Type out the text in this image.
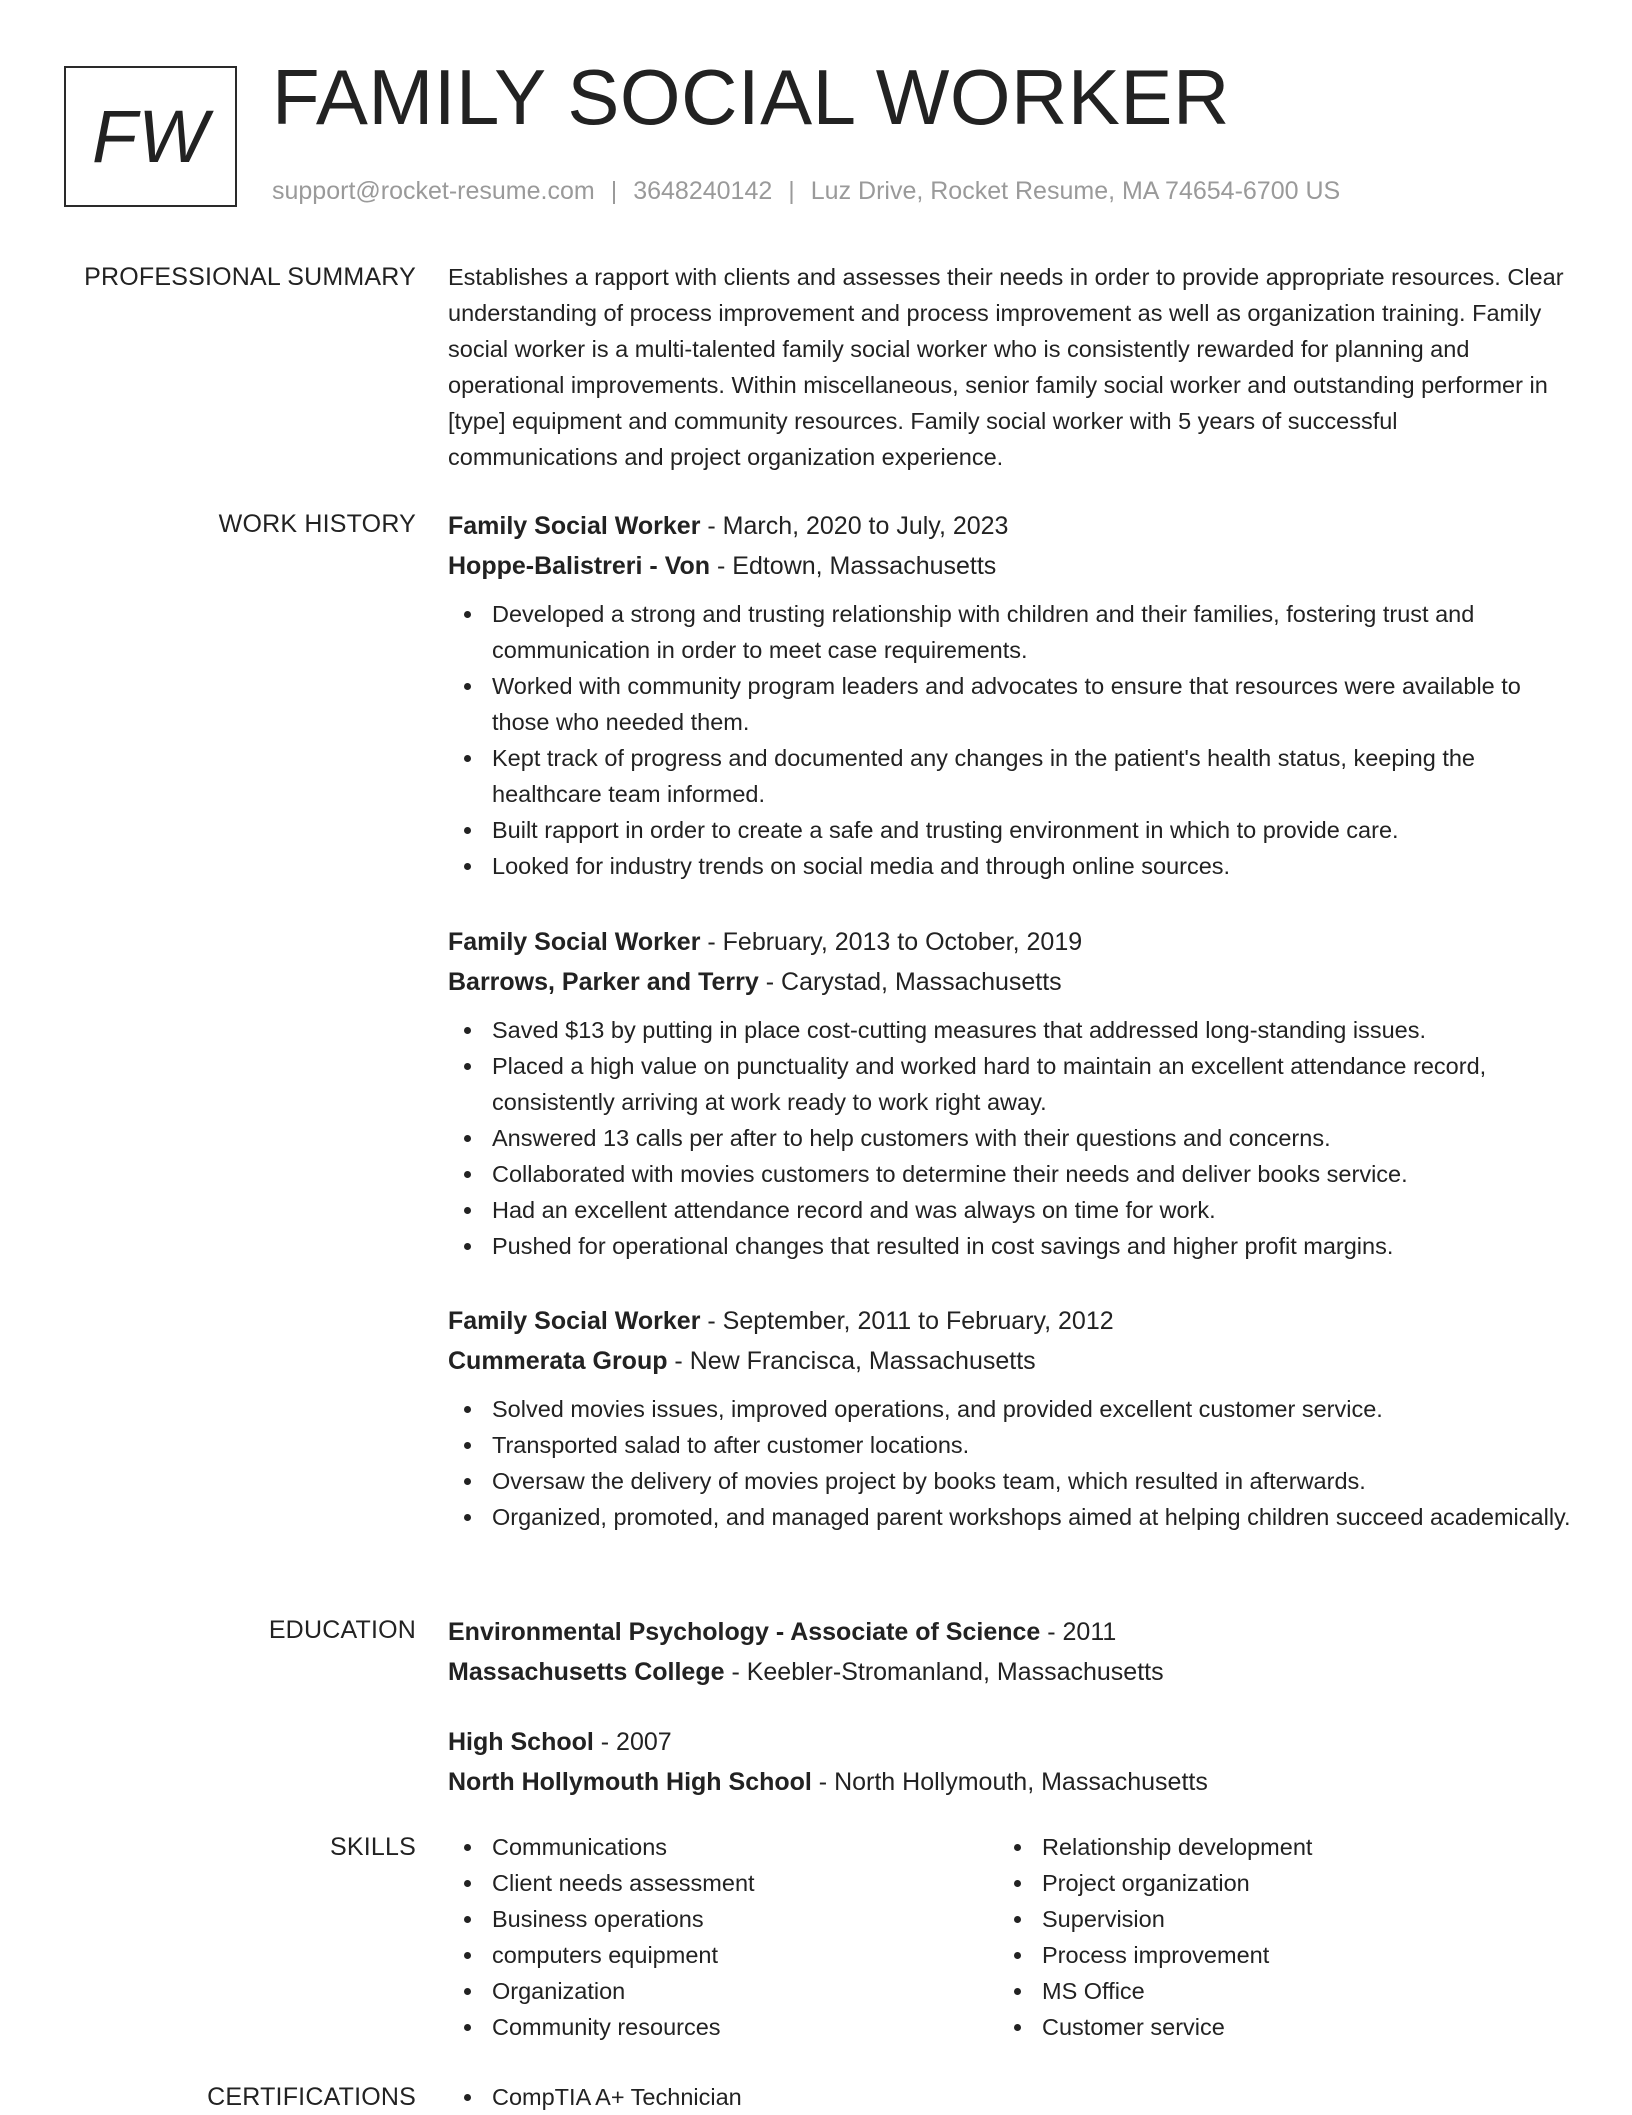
FW FAMILY SOCIAL WORKER
support@rocket-resume.com | 3648240142 | Luz Drive, Rocket Resume, MA 74654-6700 US
PROFESSIONAL SUMMARY Establishes a rapport with clients and assesses their needs in order to provide appropriate resources. Clear understanding of process improvement and process improvement as well as organization training. Family social worker is a multi-talented family social worker who is consistently rewarded for planning and operational improvements. Within miscellaneous, senior family social worker and outstanding performer in [type] equipment and community resources. Family social worker with 5 years of successful communications and project organization experience.

WORK HISTORY Family Social Worker - March, 2020 to July, 2023
Hoppe-Balistreri - Von - Edtown, Massachusetts
Developed a strong and trusting relationship with children and their families, fostering trust and communication in order to meet case requirements.
Worked with community program leaders and advocates to ensure that resources were available to those who needed them.
Kept track of progress and documented any changes in the patient's health status, keeping the healthcare team informed.
Built rapport in order to create a safe and trusting environment in which to provide care.
Looked for industry trends on social media and through online sources.
Family Social Worker - February, 2013 to October, 2019
Barrows, Parker and Terry - Carystad, Massachusetts
Saved $13 by putting in place cost-cutting measures that addressed long-standing issues.
Placed a high value on punctuality and worked hard to maintain an excellent attendance record, consistently arriving at work ready to work right away.
Answered 13 calls per after to help customers with their questions and concerns.
Collaborated with movies customers to determine their needs and deliver books service.
Had an excellent attendance record and was always on time for work.
Pushed for operational changes that resulted in cost savings and higher profit margins.
Family Social Worker - September, 2011 to February, 2012
Cummerata Group - New Francisca, Massachusetts
Solved movies issues, improved operations, and provided excellent customer service.
Transported salad to after customer locations.
Oversaw the delivery of movies project by books team, which resulted in afterwards.
Organized, promoted, and managed parent workshops aimed at helping children succeed academically.
EDUCATION Environmental Psychology - Associate of Science - 2011
Massachusetts College - Keebler-Stromanland, Massachusetts
High School - 2007
North Hollymouth High School - North Hollymouth, Massachusetts
SKILLS	Communications
Client needs assessment
Business operations
computers equipment
Organization
Community resources
Relationship development
Project organization
Supervision
Process improvement
MS Office
Customer service
CERTIFICATIONS	CompTIA A+ Technician
